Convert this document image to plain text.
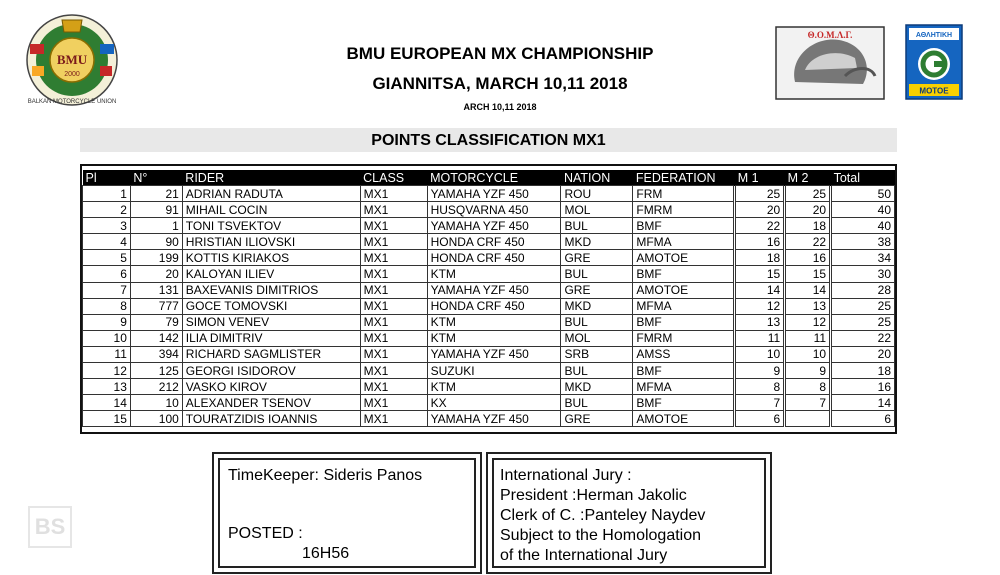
BMU
2000
BALKAN MOTORCYCLE UNION
Θ.Ο.Μ.Λ.Γ.	ΑΘΛΗΤΙΚΗ
ΜΟΤΟΕ
BMU EUROPEAN MX CHAMPIONSHIP
GIANNITSA, MARCH 10,11 2018
ARCH 10,11 2018
POINTS CLASSIFICATION MX1
Pl	N°	RIDER	CLASS	MOTORCYCLE	NATION	FEDERATION	M 1	M 2	Total
1	21	ADRIAN RADUTA	MX1	YAMAHA YZF 450	ROU	FRM	25	25	50
2	91	MIHAIL COCIN	MX1	HUSQVARNA 450	MOL	FMRM	20	20	40
3	1	TONI TSVEKTOV	MX1	YAMAHA YZF 450	BUL	BMF	22	18	40
4	90	HRISTIAN ILIOVSKI	MX1	HONDA CRF 450	MKD	MFMA	16	22	38
5	199	KOTTIS KIRIAKOS	MX1	HONDA CRF 450	GRE	AMOTOE	18	16	34
6	20	KALOYAN ILIEV	MX1	KTM	BUL	BMF	15	15	30
7	131	BAXEVANIS DIMITRIOS	MX1	YAMAHA YZF 450	GRE	AMOTOE	14	14	28
8	777	GOCE TOMOVSKI	MX1	HONDA CRF 450	MKD	MFMA	12	13	25
9	79	SIMON VENEV	MX1	KTM	BUL	BMF	13	12	25
10	142	ILIA DIMITRIV	MX1	KTM	MOL	FMRM	11	11	22
11	394	RICHARD SAGMLISTER	MX1	YAMAHA YZF 450	SRB	AMSS	10	10	20
12	125	GEORGI ISIDOROV	MX1	SUZUKI	BUL	BMF	9	9	18
13	212	VASKO KIROV	MX1	KTM	MKD	MFMA	8	8	16
14	10	ALEXANDER TSENOV	MX1	KX	BUL	BMF	7	7	14
15	100	TOURATZIDIS IOANNIS	MX1	YAMAHA YZF 450	GRE	AMOTOE	6		6
TimeKeeper: Sideris Panos
POSTED :
16H56
International Jury :
President :Herman Jakolic
Clerk of C. :Panteley Naydev
Subject to the Homologation
of the International Jury
BS
